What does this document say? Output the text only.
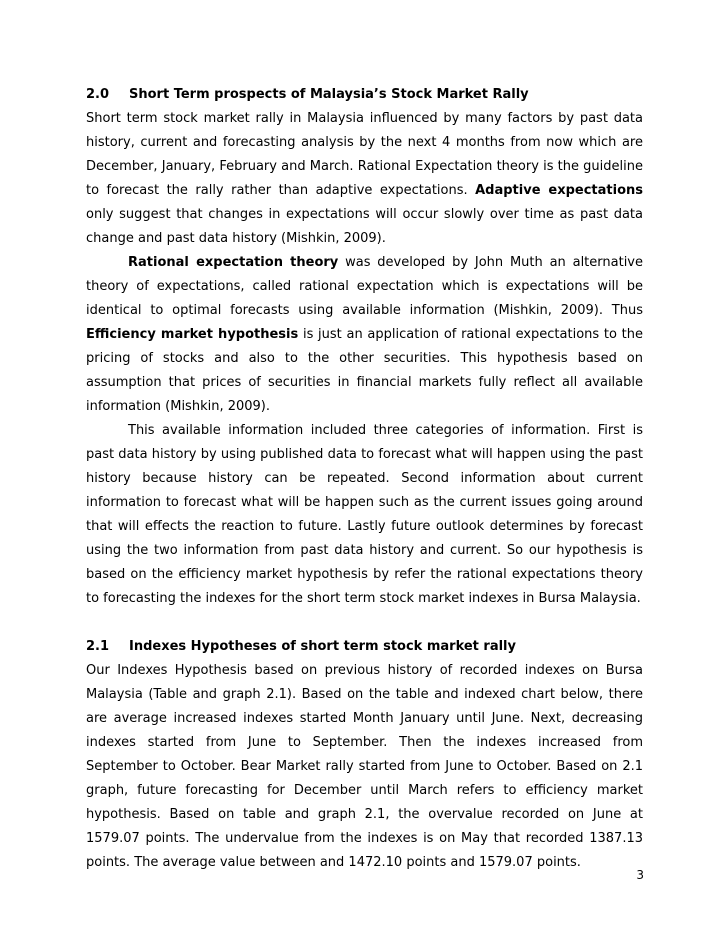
2.0 Short Term prospects of Malaysia’s Stock Market Rally

Short term stock market rally in Malaysia influenced by many factors by past data history, current and forecasting analysis by the next 4 months from now which are December, January, February and March. Rational Expectation theory is the guideline to forecast the rally rather than adaptive expectations. Adaptive expectations only suggest that changes in expectations will occur slowly over time as past data change and past data history (Mishkin, 2009).

Rational expectation theory was developed by John Muth an alternative theory of expectations, called rational expectation which is expectations will be identical to optimal forecasts using available information (Mishkin, 2009). Thus Efficiency market hypothesis is just an application of rational expectations to the pricing of stocks and also to the other securities. This hypothesis based on assumption that prices of securities in financial markets fully reflect all available information (Mishkin, 2009).

This available information included three categories of information. First is past data history by using published data to forecast what will happen using the past history because history can be repeated. Second information about current information to forecast what will be happen such as the current issues going around that will effects the reaction to future. Lastly future outlook determines by forecast using the two information from past data history and current. So our hypothesis is based on the efficiency market hypothesis by refer the rational expectations theory to forecasting the indexes for the short term stock market indexes in Bursa Malaysia.

2.1 Indexes Hypotheses of short term stock market rally

Our Indexes Hypothesis based on previous history of recorded indexes on Bursa Malaysia (Table and graph 2.1). Based on the table and indexed chart below, there are average increased indexes started Month January until June. Next, decreasing indexes started from June to September. Then the indexes increased from September to October. Bear Market rally started from June to October. Based on 2.1 graph, future forecasting for December until March refers to efficiency market hypothesis. Based on table and graph 2.1, the overvalue recorded on June at 1579.07 points. The undervalue from the indexes is on May that recorded 1387.13 points. The average value between and 1472.10 points and 1579.07 points.

3
